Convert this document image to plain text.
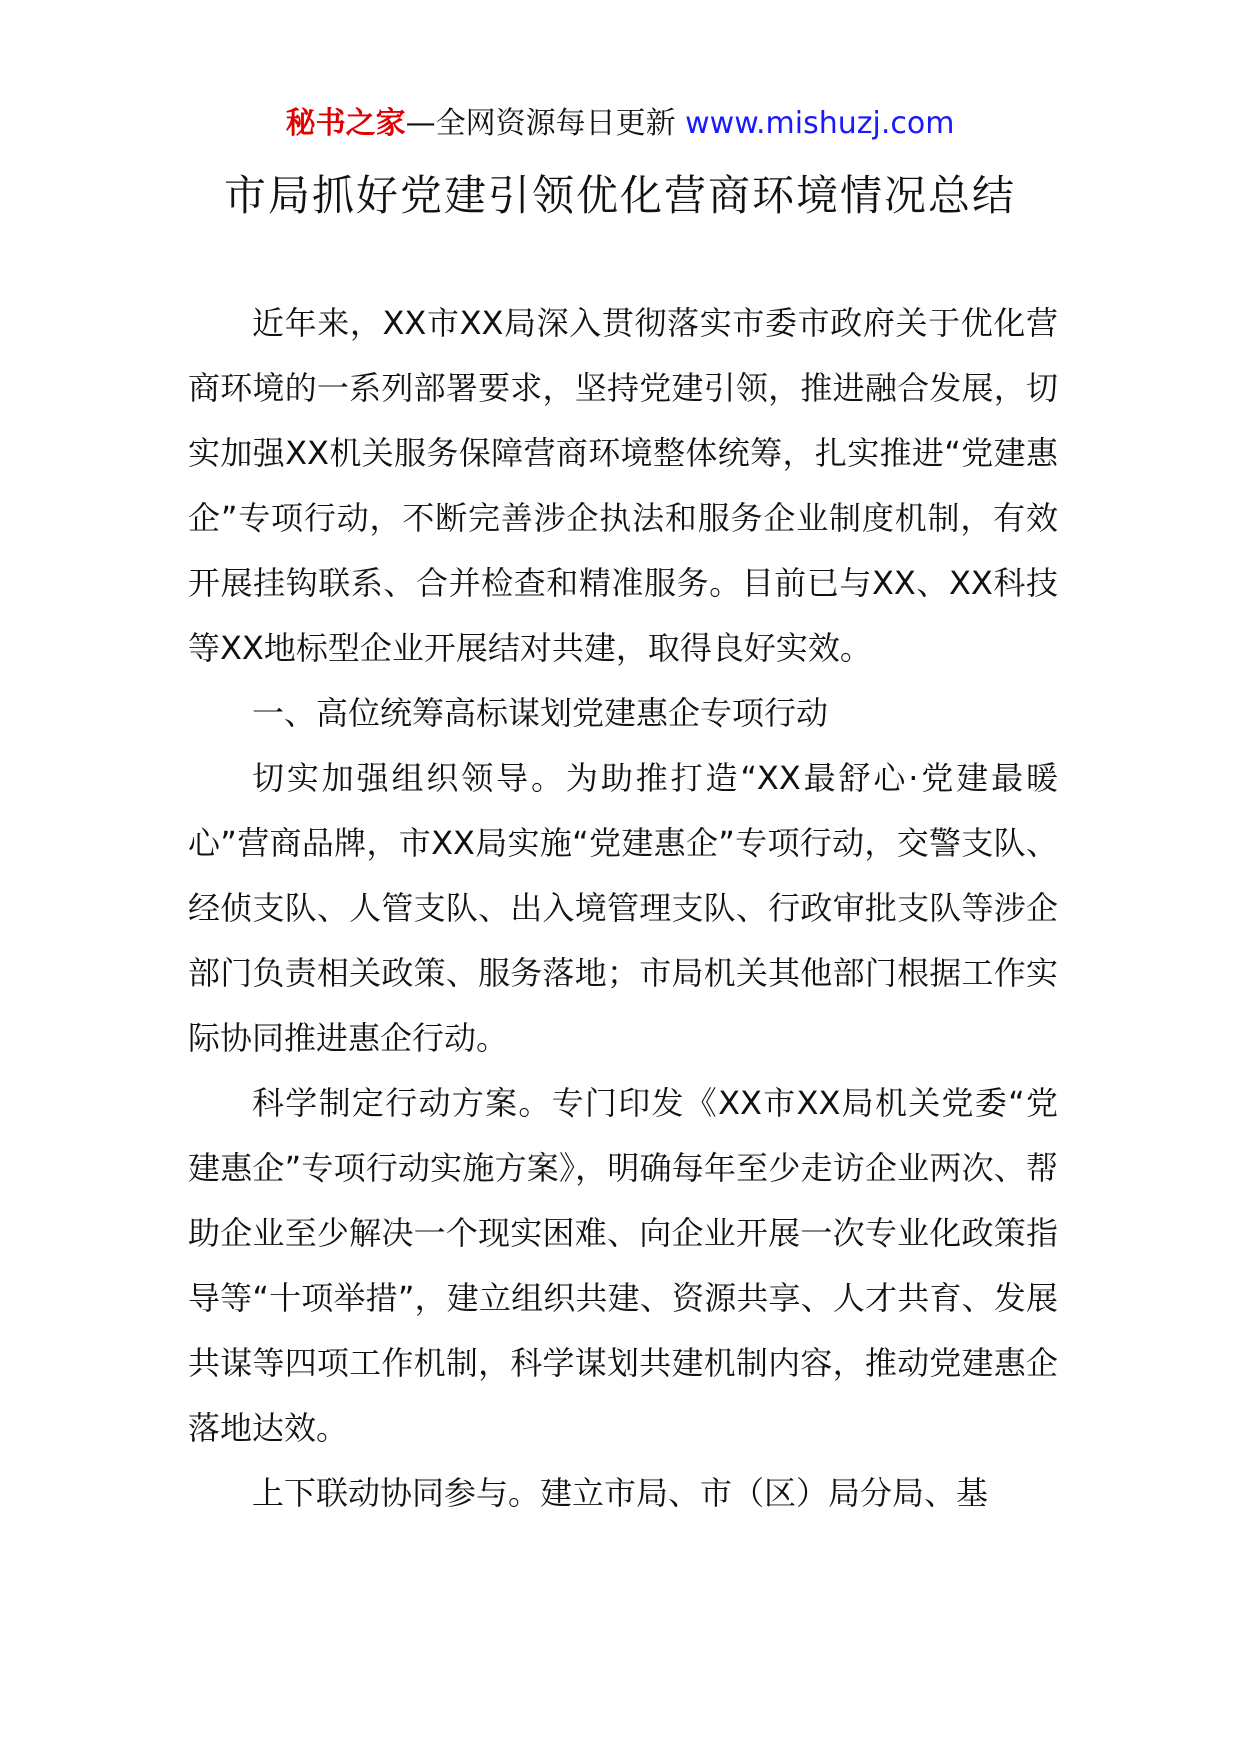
秘书之家—全网资源每日更新 www.mishuzj.com
市局抓好党建引领优化营商环境情况总结

近年来，XX市XX局深入贯彻落实市委市政府关于优化营商环境的一系列部署要求，坚持党建引领，推进融合发展，切实加强XX机关服务保障营商环境整体统筹，扎实推进“党建惠企”专项行动，不断完善涉企执法和服务企业制度机制，有效开展挂钩联系、合并检查和精准服务。目前已与XX、XX科技等XX地标型企业开展结对共建，取得良好实效。

一、高位统筹高标谋划党建惠企专项行动

切实加强组织领导。为助推打造“XX最舒心·党建最暖心”营商品牌，市XX局实施“党建惠企”专项行动，交警支队、经侦支队、人管支队、出入境管理支队、行政审批支队等涉企部门负责相关政策、服务落地；市局机关其他部门根据工作实际协同推进惠企行动。

科学制定行动方案。专门印发《XX市XX局机关党委“党建惠企”专项行动实施方案》，明确每年至少走访企业两次、帮助企业至少解决一个现实困难、向企业开展一次专业化政策指导等“十项举措”，建立组织共建、资源共享、人才共育、发展共谋等四项工作机制，科学谋划共建机制内容，推动党建惠企落地达效。

上下联动协同参与。建立市局、市（区）局分局、基
